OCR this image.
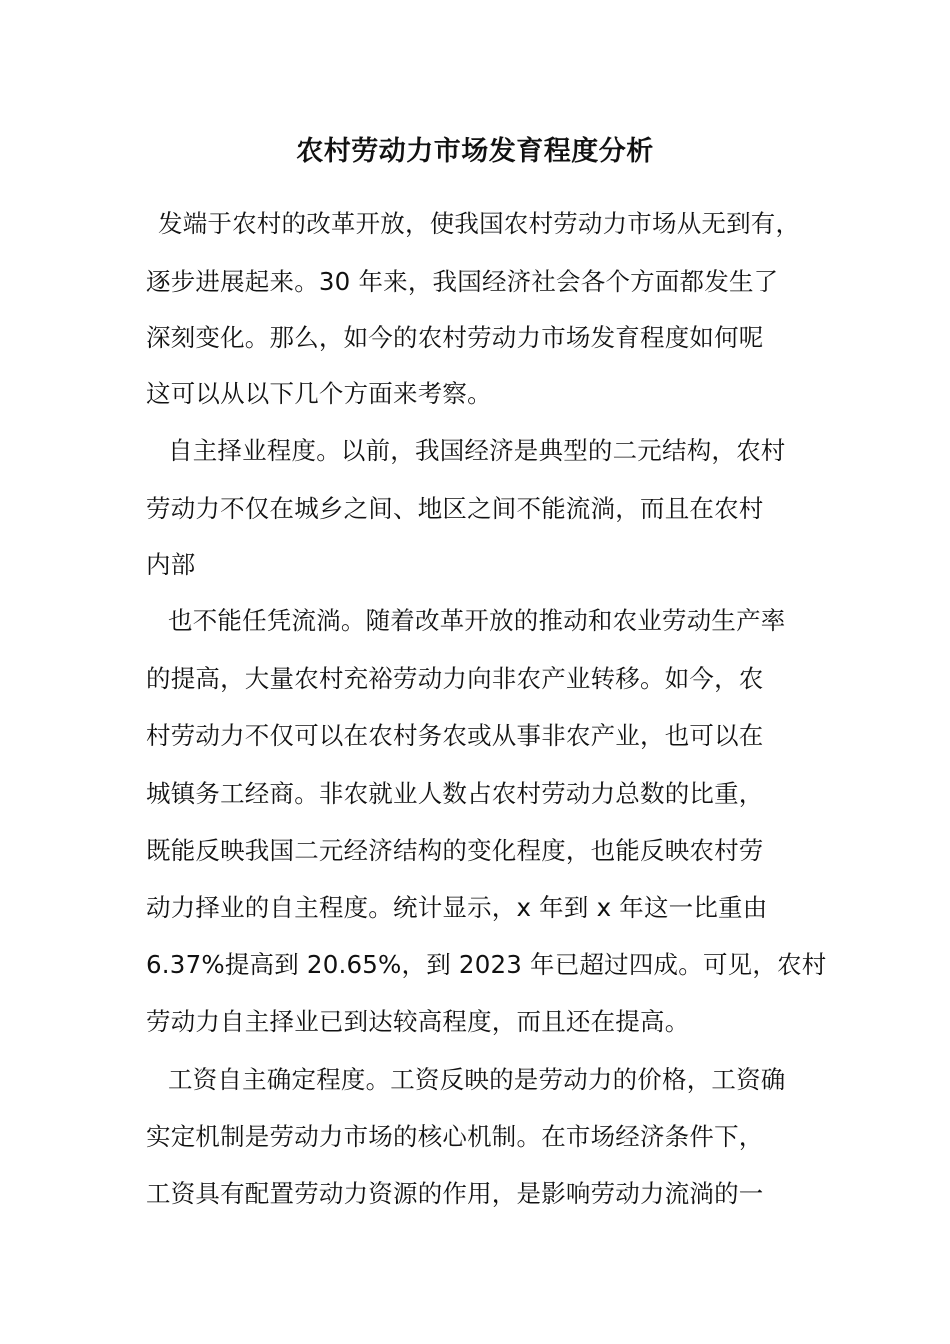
农村劳动力市场发育程度分析
发端于农村的改革开放，使我国农村劳动力市场从无到有，
逐步进展起来。30 年来，我国经济社会各个方面都发生了
深刻变化。那么，如今的农村劳动力市场发育程度如何呢
这可以从以下几个方面来考察。
自主择业程度。以前，我国经济是典型的二元结构，农村
劳动力不仅在城乡之间、地区之间不能流淌，而且在农村
内部
也不能任凭流淌。随着改革开放的推动和农业劳动生产率
的提高，大量农村充裕劳动力向非农产业转移。如今，农
村劳动力不仅可以在农村务农或从事非农产业，也可以在
城镇务工经商。非农就业人数占农村劳动力总数的比重，
既能反映我国二元经济结构的变化程度，也能反映农村劳
动力择业的自主程度。统计显示，x 年到 x 年这一比重由
6.37%提高到 20.65%，到 2023 年已超过四成。可见，农村
劳动力自主择业已到达较高程度，而且还在提高。
工资自主确定程度。工资反映的是劳动力的价格，工资确
实定机制是劳动力市场的核心机制。在市场经济条件下，
工资具有配置劳动力资源的作用，是影响劳动力流淌的一
